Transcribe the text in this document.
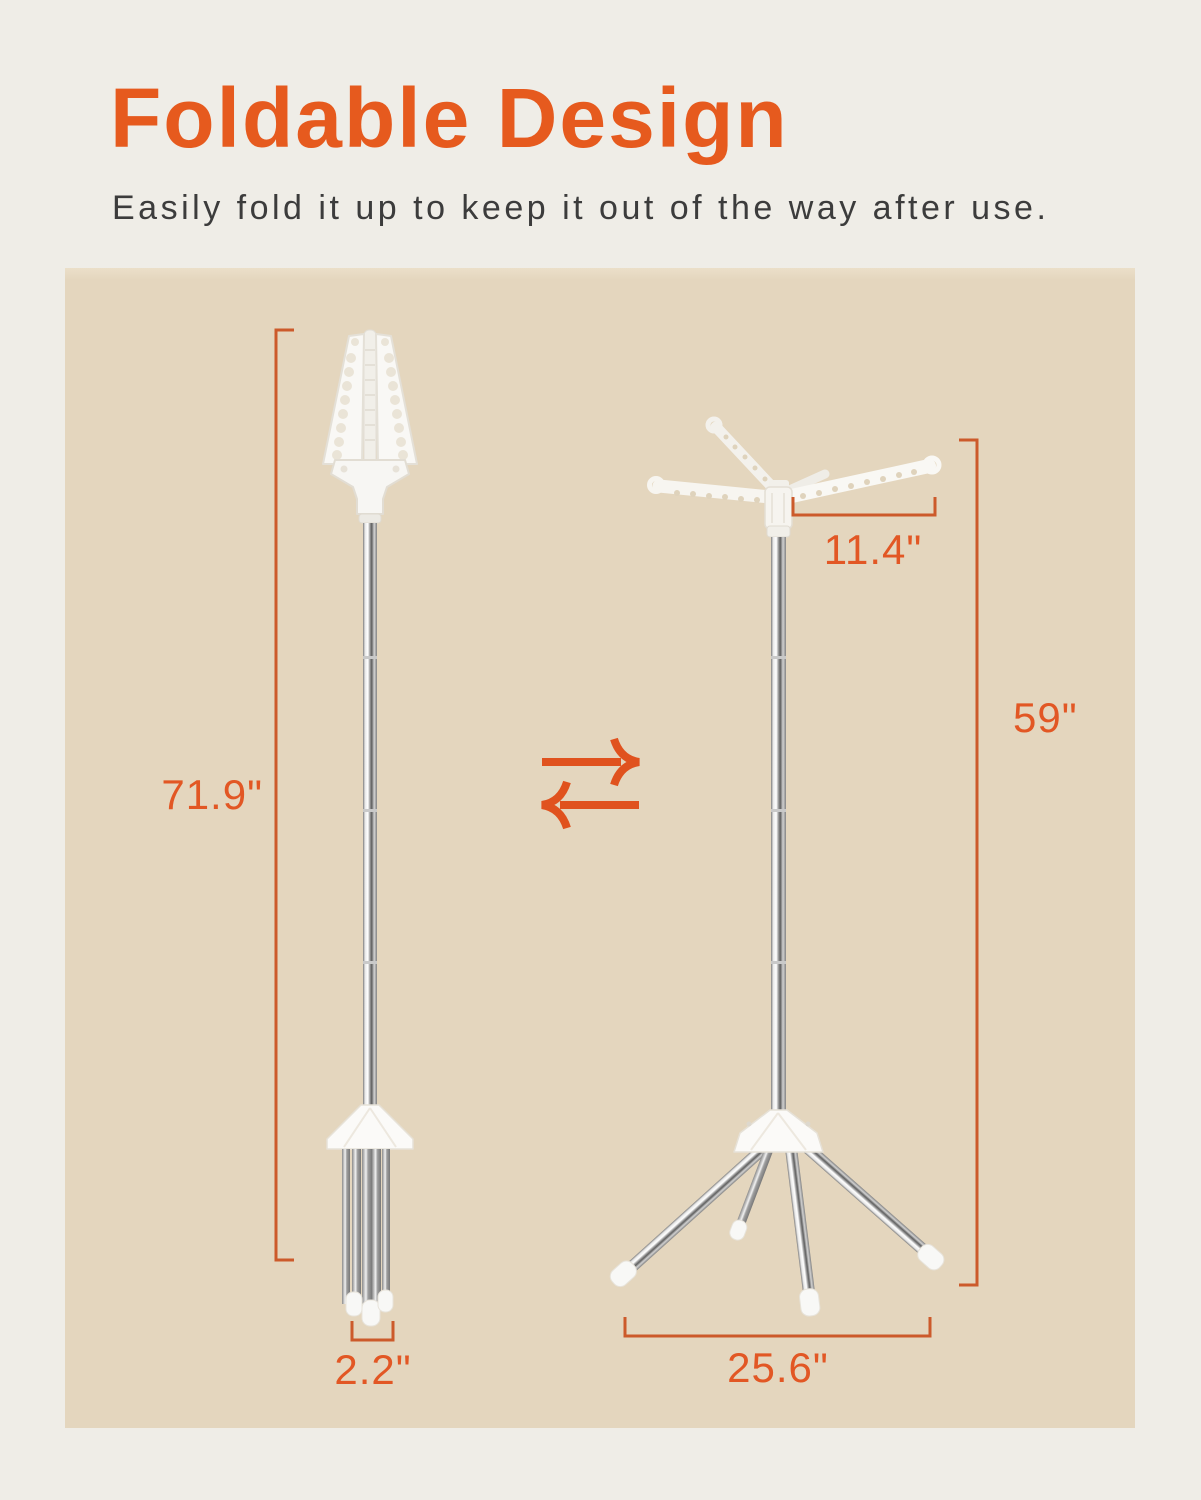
Foldable Design

Easily fold it up to keep it out of the way after use.

71.9"
2.2"
11.4"
59"
25.6"
